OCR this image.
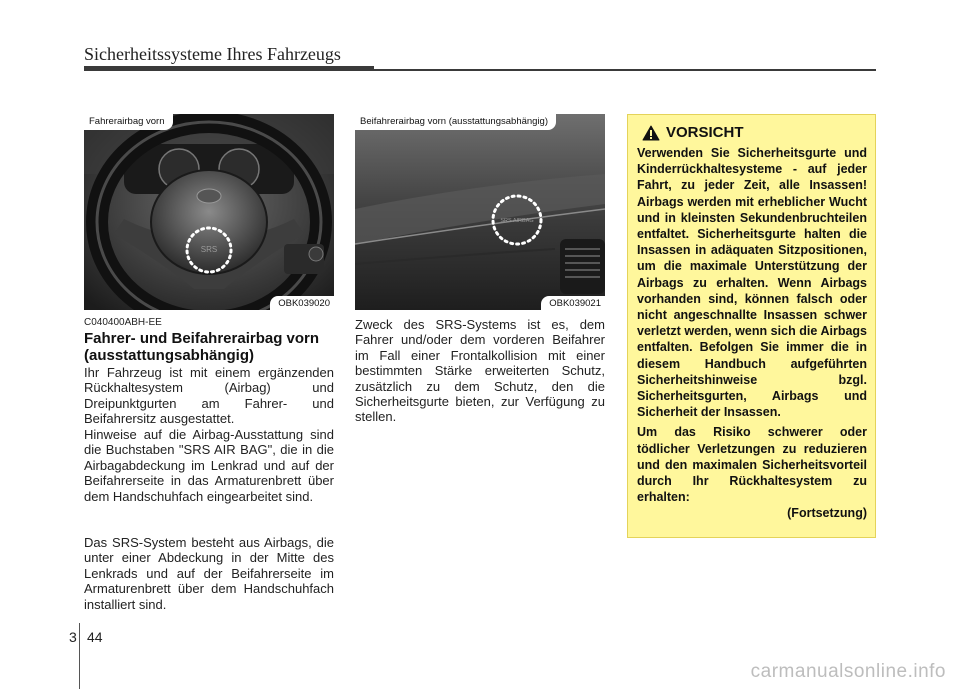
Sicherheitssysteme Ihres Fahrzeugs
SRS
Fahrerairbag vorn
OBK039020
SRS AIRBAG
Beifahrerairbag vorn (ausstattungsabhängig)
OBK039021
C040400ABH-EE
Fahrer- und Beifahrerairbag vorn (ausstattungsabhängig)

Ihr Fahrzeug ist mit einem ergänzenden Rückhaltesystem (Airbag) und Dreipunktgurten am Fahrer- und Beifahrersitz ausgestattet.

Hinweise auf die Airbag-Ausstattung sind die Buchstaben "SRS AIR BAG", die in die Airbagabdeckung im Lenkrad und auf der Beifahrerseite in das Armaturenbrett über dem Handschuhfach eingearbeitet sind.

Das SRS-System besteht aus Airbags, die unter einer Abdeckung in der Mitte des Lenkrads und auf der Beifahrerseite im Armaturenbrett über dem Handschuhfach installiert sind.

Zweck des SRS-Systems ist es, dem Fahrer und/oder dem vorderen Beifahrer im Fall einer Frontalkollision mit einer bestimmten Stärke erweiterten Schutz, zusätzlich zu dem Schutz, den die Sicherheitsgurte bieten, zur Verfügung zu stellen.

VORSICHT

Verwenden Sie Sicherheitsgurte und Kinderrückhaltesysteme - auf jeder Fahrt, zu jeder Zeit, alle Insassen! Airbags werden mit erheblicher Wucht und in kleinsten Sekundenbruchteilen entfaltet. Sicherheitsgurte halten die Insassen in adäquaten Sitzpositionen, um die maximale Unterstützung der Airbags zu erhalten. Wenn Airbags vorhanden sind, können falsch oder nicht angeschnallte Insassen schwer verletzt werden, wenn sich die Airbags entfalten. Befolgen Sie immer die in diesem Handbuch aufgeführten Sicherheitshinweise bzgl. Sicherheitsgurten, Airbags und Sicherheit der Insassen.

Um das Risiko schwerer oder tödlicher Verletzungen zu reduzieren und den maximalen Sicherheitsvorteil durch Ihr Rückhaltesystem zu erhalten:

(Fortsetzung)

3 44
carmanualsonline.info
